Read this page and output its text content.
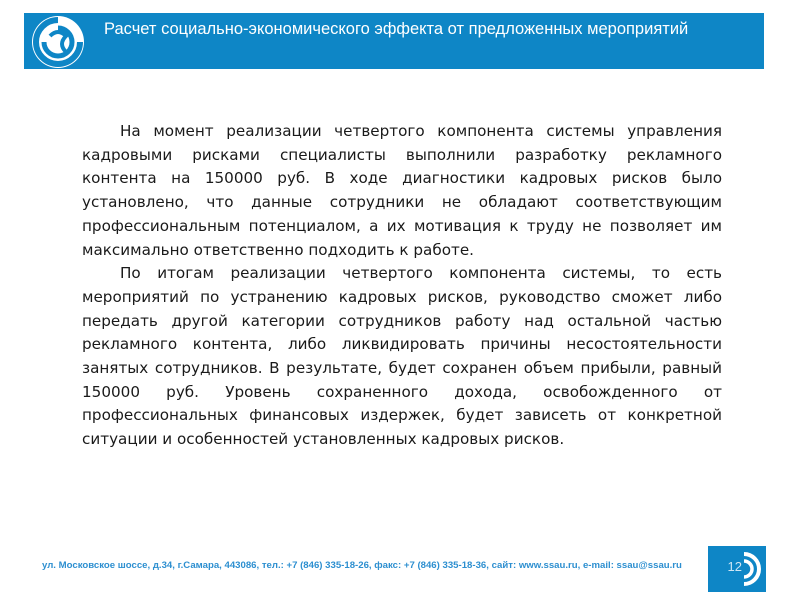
Расчет социально-экономического эффекта от предложенных мероприятий

На момент реализации четвертого компонента системы управления кадровыми рисками специалисты выполнили разработку рекламного контента на 150000 руб. В ходе диагностики кадровых рисков было установлено, что данные сотрудники не обладают соответствующим профессиональным потенциалом, а их мотивация к труду не позволяет им максимально ответственно подходить к работе.

По итогам реализации четвертого компонента системы, то есть мероприятий по устранению кадровых рисков, руководство сможет либо передать другой категории сотрудников работу над остальной частью рекламного контента, либо ликвидировать причины несостоятельности занятых сотрудников. В результате, будет сохранен объем прибыли, равный 150000 руб. Уровень сохраненного дохода, освобожденного от профессиональных финансовых издержек, будет зависеть от конкретной ситуации и особенностей установленных кадровых рисков.

ул. Московское шоссе, д.34, г.Самара, 443086, тел.: +7 (846) 335-18-26, факс: +7 (846) 335-18-36, сайт: www.ssau.ru, e-mail: ssau@ssau.ru	12
